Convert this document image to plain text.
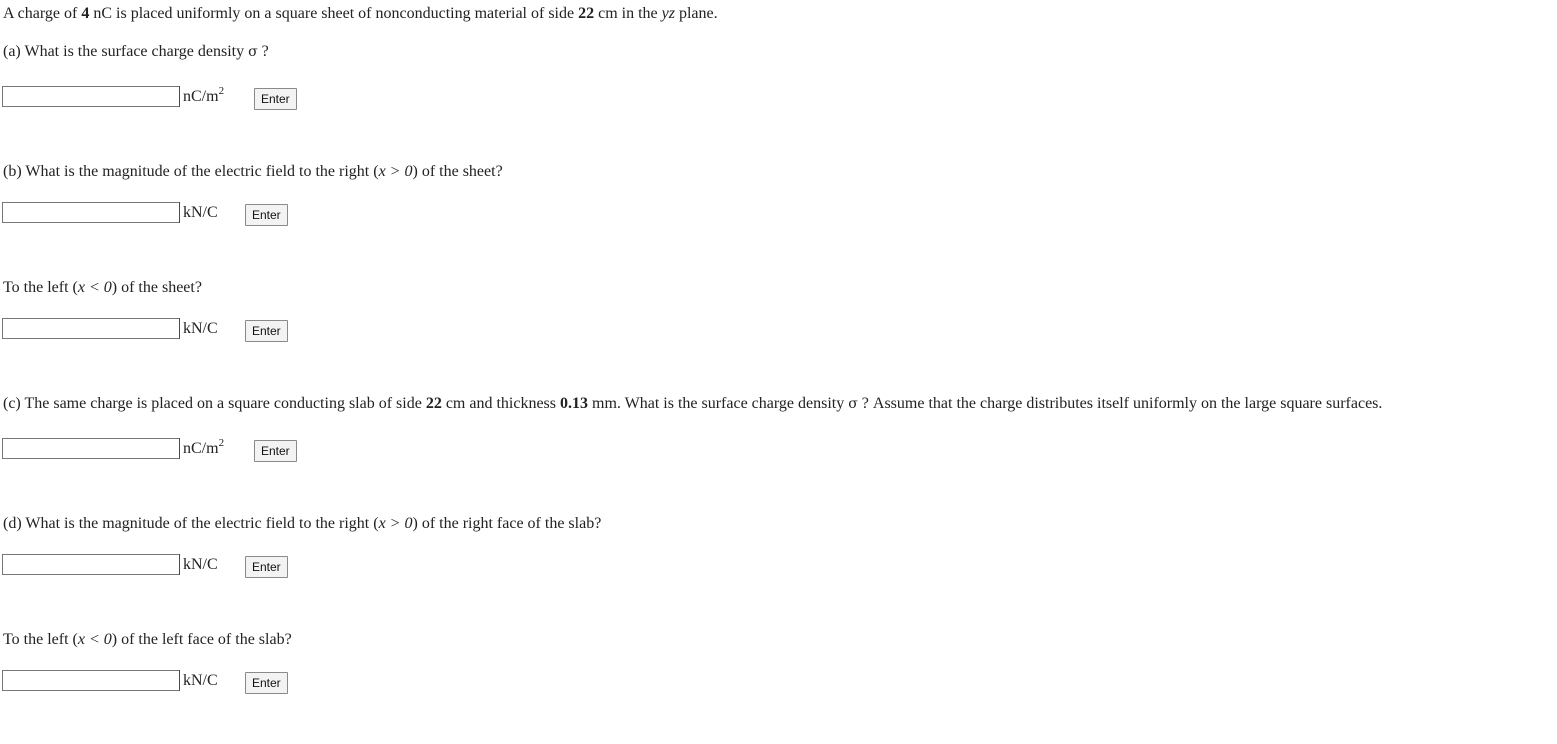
A charge of 4 nC is placed uniformly on a square sheet of nonconducting material of side 22 cm in the yz plane.
(a) What is the surface charge density σ ?
$nC/m^2$
Enter
(b) What is the magnitude of the electric field to the right (x > 0) of the sheet?
kN/C	Enter
To the left (x < 0) of the sheet?
kN/C	Enter
(c) The same charge is placed on a square conducting slab of side 22 cm and thickness 0.13 mm. What is the surface charge density σ ? Assume that the charge distributes itself uniformly on the large square surfaces.
$nC/m^2$
Enter
(d) What is the magnitude of the electric field to the right (x > 0) of the right face of the slab?
kN/C	Enter
To the left (x < 0) of the left face of the slab?
kN/C	Enter
